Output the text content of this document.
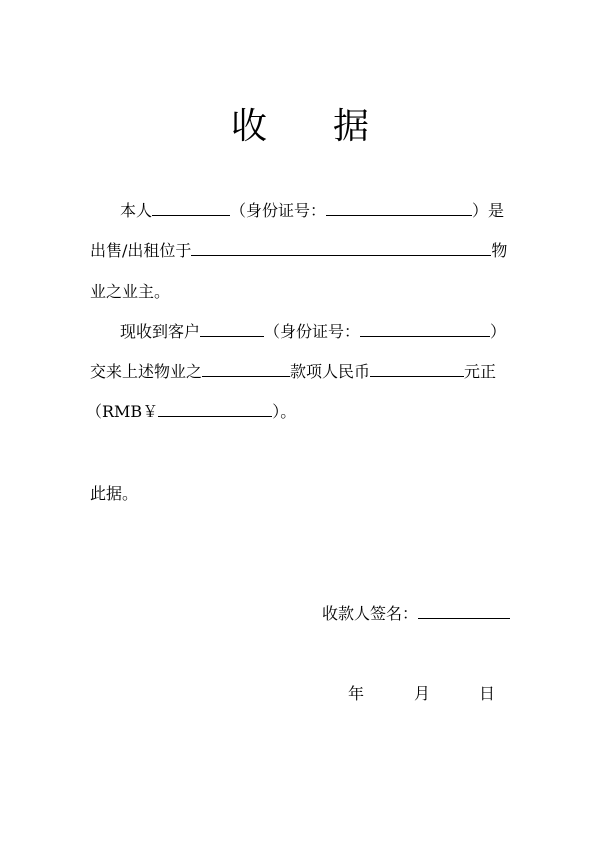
收 据
本人	（身份证号：	）是
出售/出租位于	物
业之业主。
现收到客户	（身份证号：	）
交来上述物业之	款项人民币	元正
（RMB￥	）。
此据。
收款人签名：
年	月	日
